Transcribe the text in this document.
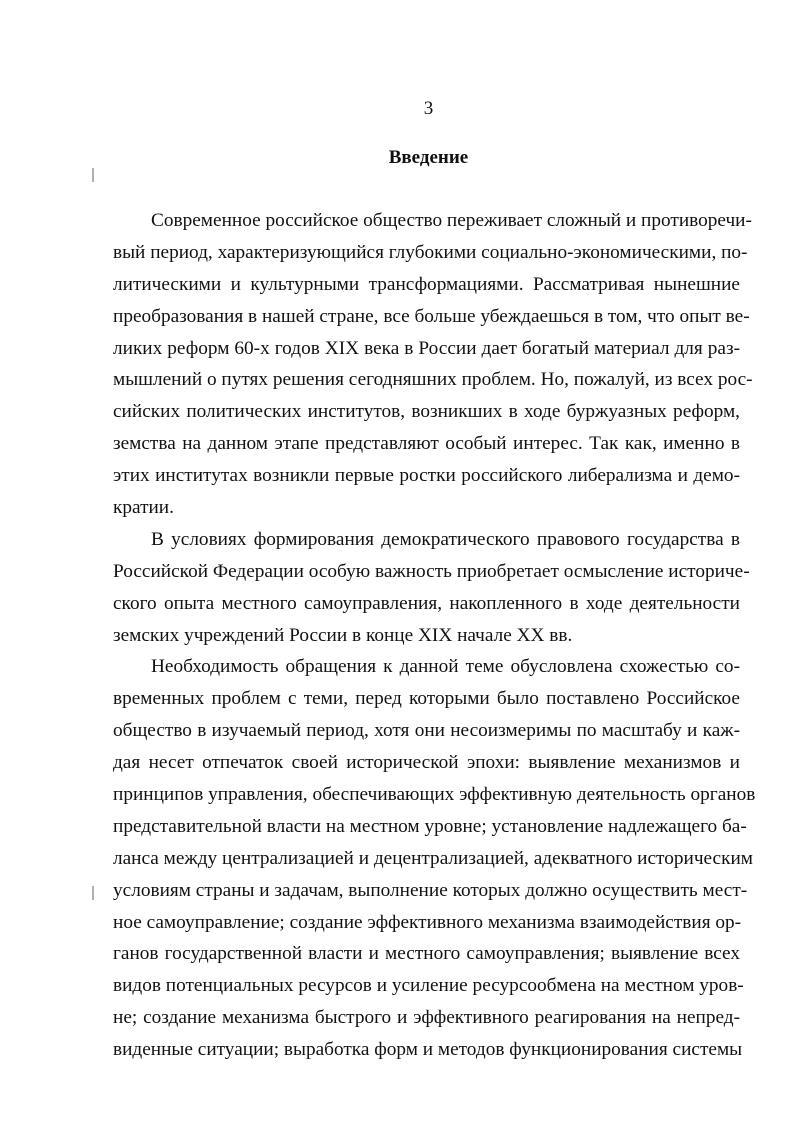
3
Введение
Современное российское общество переживает сложный и противоречи-
вый период, характеризующийся глубокими социально-экономическими, по-
литическими и культурными трансформациями. Рассматривая нынешние
преобразования в нашей стране, все больше убеждаешься в том, что опыт ве-
ликих реформ 60-х годов XIX века в России дает богатый материал для раз-
мышлений о путях решения сегодняшних проблем. Но, пожалуй, из всех рос-
сийских политических институтов, возникших в ходе буржуазных реформ,
земства на данном этапе представляют особый интерес. Так как, именно в
этих институтах возникли первые ростки российского либерализма и демо-
кратии.
В условиях формирования демократического правового государства в
Российской Федерации особую важность приобретает осмысление историче-
ского опыта местного самоуправления, накопленного в ходе деятельности
земских учреждений России в конце XIX начале XX вв.
Необходимость обращения к данной теме обусловлена схожестью со-
временных проблем с теми, перед которыми было поставлено Российское
общество в изучаемый период, хотя они несоизмеримы по масштабу и каж-
дая несет отпечаток своей исторической эпохи: выявление механизмов и
принципов управления, обеспечивающих эффективную деятельность органов
представительной власти на местном уровне; установление надлежащего ба-
ланса между централизацией и децентрализацией, адекватного историческим
условиям страны и задачам, выполнение которых должно осуществить мест-
ное самоуправление; создание эффективного механизма взаимодействия ор-
ганов государственной власти и местного самоуправления; выявление всех
видов потенциальных ресурсов и усиление ресурсообмена на местном уров-
не; создание механизма быстрого и эффективного реагирования на непред-
виденные ситуации; выработка форм и методов функционирования системы
